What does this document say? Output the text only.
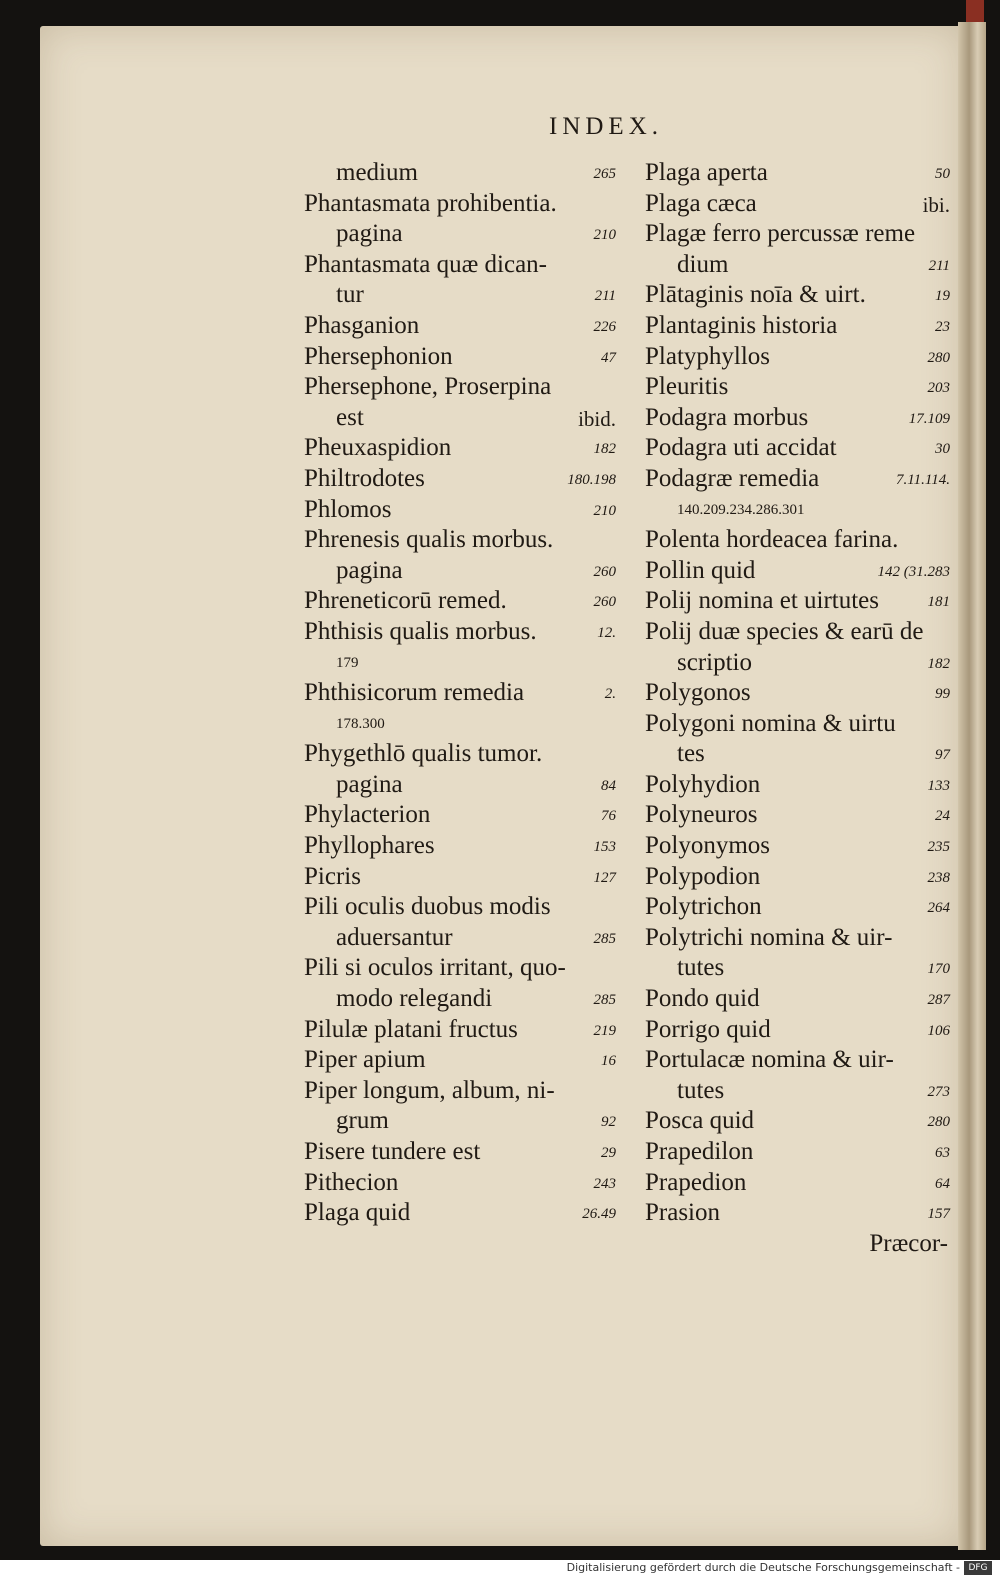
INDEX.
medium	265
Phantasmata prohibentia.
pagina	210
Phantasmata quæ dican-
tur	211
Phasganion	226
Phersephonion	47
Phersephone, Proserpina
est	ibid.
Pheuxaspidion	182
Philtrodotes	180.198
Phlomos	210
Phrenesis qualis morbus.
pagina	260
Phreneticorū remed.	260
Phthisis qualis morbus.	12.
179
Phthisicorum remedia	2.
178.300
Phygethlō qualis tumor.
pagina	84
Phylacterion	76
Phyllophares	153
Picris	127
Pili oculis duobus modis
aduersantur	285
Pili si oculos irritant, quo-
modo relegandi	285
Pilulæ platani fructus	219
Piper apium	16
Piper longum, album, ni-
grum	92
Pisere tundere est	29
Pithecion	243
Plaga quid	26.49
Plaga aperta	50
Plaga cæca	ibi.
Plagæ ferro percussæ reme
dium	211
Plātaginis noīa & uirt.	19
Plantaginis historia	23
Platyphyllos	280
Pleuritis	203
Podagra morbus	17.109
Podagra uti accidat	30
Podagræ remedia	7.11.114.
140.209.234.286.301
Polenta hordeacea farina.
Pollin quid	142 (31.283
Polij nomina et uirtutes	181
Polij duæ species & earū de
scriptio	182
Polygonos	99
Polygoni nomina & uirtu
tes	97
Polyhydion	133
Polyneuros	24
Polyonymos	235
Polypodion	238
Polytrichon	264
Polytrichi nomina & uir-
tutes	170
Pondo quid	287
Porrigo quid	106
Portulacæ nomina & uir-
tutes	273
Posca quid	280
Prapedilon	63
Prapedion	64
Prasion	157
Præcor-
Digitalisierung gefördert durch die Deutsche Forschungsgemeinschaft - DFG
